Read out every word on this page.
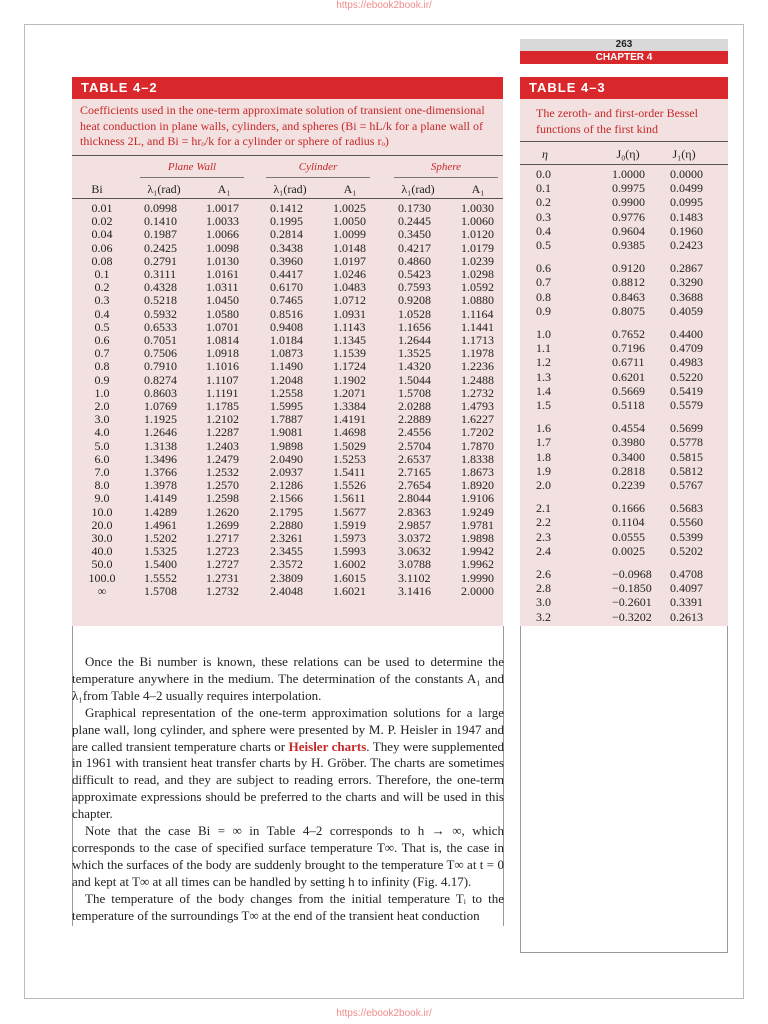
https://ebook2book.ir/
263
CHAPTER 4
TABLE 4–2
Coefficients used in the one-term approximate solution of transient one-dimensional heat conduction in plane walls, cylinders, and spheres (Bi = hL/k for a plane wall of thickness 2L, and Bi = hrₒ/k for a cylinder or sphere of radius rₒ)
Plane Wall	Cylinder	Sphere
Bi	λ₁(rad)	A₁	λ₁(rad)	A₁	λ₁(rad)	A₁
0.01	0.0998 1.0017	0.1412	1.0025	0.1730	1.0030
0.02	0.1410 1.0033	0.1995	1.0050	0.2445	1.0060
0.04	0.1987 1.0066	0.2814	1.0099	0.3450	1.0120
0.06	0.2425 1.0098	0.3438	1.0148	0.4217	1.0179
0.08	0.2791 1.0130	0.3960	1.0197	0.4860	1.0239
0.1	0.3111 1.0161	0.4417	1.0246	0.5423	1.0298
0.2	0.4328 1.0311	0.6170	1.0483	0.7593	1.0592
0.3	0.5218 1.0450	0.7465	1.0712	0.9208	1.0880
0.4	0.5932 1.0580	0.8516	1.0931	1.0528	1.1164
0.5	0.6533 1.0701	0.9408	1.1143	1.1656	1.1441
0.6	0.7051 1.0814	1.0184	1.1345	1.2644	1.1713
0.7	0.7506 1.0918	1.0873	1.1539	1.3525	1.1978
0.8	0.7910 1.1016	1.1490	1.1724	1.4320	1.2236
0.9	0.8274 1.1107	1.2048	1.1902	1.5044	1.2488
1.0	0.8603 1.1191	1.2558	1.2071	1.5708	1.2732
2.0	1.0769 1.1785	1.5995	1.3384	2.0288	1.4793
3.0	1.1925 1.2102	1.7887	1.4191	2.2889	1.6227
4.0	1.2646 1.2287	1.9081	1.4698	2.4556	1.7202
5.0	1.3138 1.2403	1.9898	1.5029	2.5704	1.7870
6.0	1.3496 1.2479	2.0490	1.5253	2.6537	1.8338
7.0	1.3766 1.2532	2.0937	1.5411	2.7165	1.8673
8.0	1.3978 1.2570	2.1286	1.5526	2.7654	1.8920
9.0	1.4149 1.2598	2.1566	1.5611	2.8044	1.9106
10.0	1.4289 1.2620	2.1795	1.5677	2.8363	1.9249
20.0	1.4961 1.2699	2.2880	1.5919	2.9857	1.9781
30.0	1.5202 1.2717	2.3261	1.5973	3.0372	1.9898
40.0	1.5325 1.2723	2.3455	1.5993	3.0632	1.9942
50.0	1.5400 1.2727	2.3572	1.6002	3.0788	1.9962
100.0	1.5552 1.2731	2.3809	1.6015	3.1102	1.9990
∞	1.5708 1.2732	2.4048	1.6021	3.1416	2.0000
TABLE 4–3
The zeroth- and first-order Bessel functions of the first kind
η	J₀(η)	J₁(η)
0.0	1.0000 0.0000
0.1	0.9975 0.0499
0.2	0.9900 0.0995
0.3	0.9776 0.1483
0.4	0.9604 0.1960
0.5	0.9385 0.2423
0.6	0.9120 0.2867
0.7	0.8812 0.3290
0.8	0.8463 0.3688
0.9	0.8075 0.4059
1.0	0.7652 0.4400
1.1	0.7196 0.4709
1.2	0.6711 0.4983
1.3	0.6201 0.5220
1.4	0.5669 0.5419
1.5	0.5118 0.5579
1.6	0.4554 0.5699
1.7	0.3980 0.5778
1.8	0.3400 0.5815
1.9	0.2818 0.5812
2.0	0.2239 0.5767
2.1	0.1666 0.5683
2.2	0.1104 0.5560
2.3	0.0555 0.5399
2.4	0.0025 0.5202
2.6	−0.0968 0.4708
2.8	−0.1850 0.4097
3.0	−0.2601 0.3391
3.2	−0.3202 0.2613

Once the Bi number is known, these relations can be used to determine the temperature anywhere in the medium. The determination of the constants A₁ and λ₁from Table 4–2 usually requires interpolation.

Graphical representation of the one-term approximation solutions for a large plane wall, long cylinder, and sphere were presented by M. P. Heisler in 1947 and are called transient temperature charts or Heisler charts. They were supplemented in 1961 with transient heat transfer charts by H. Gröber. The charts are sometimes difficult to read, and they are subject to reading errors. Therefore, the one-term approximate expressions should be preferred to the charts and will be used in this chapter.

Note that the case Bi = ∞ in Table 4–2 corresponds to h → ∞, which corresponds to the case of specified surface temperature T∞. That is, the case in which the surfaces of the body are suddenly brought to the temperature T∞ at t = 0 and kept at T∞ at all times can be handled by setting h to infinity (Fig. 4.17).

The temperature of the body changes from the initial temperature Tᵢ to the temperature of the surroundings T∞ at the end of the transient heat conduction

https://ebook2book.ir/
